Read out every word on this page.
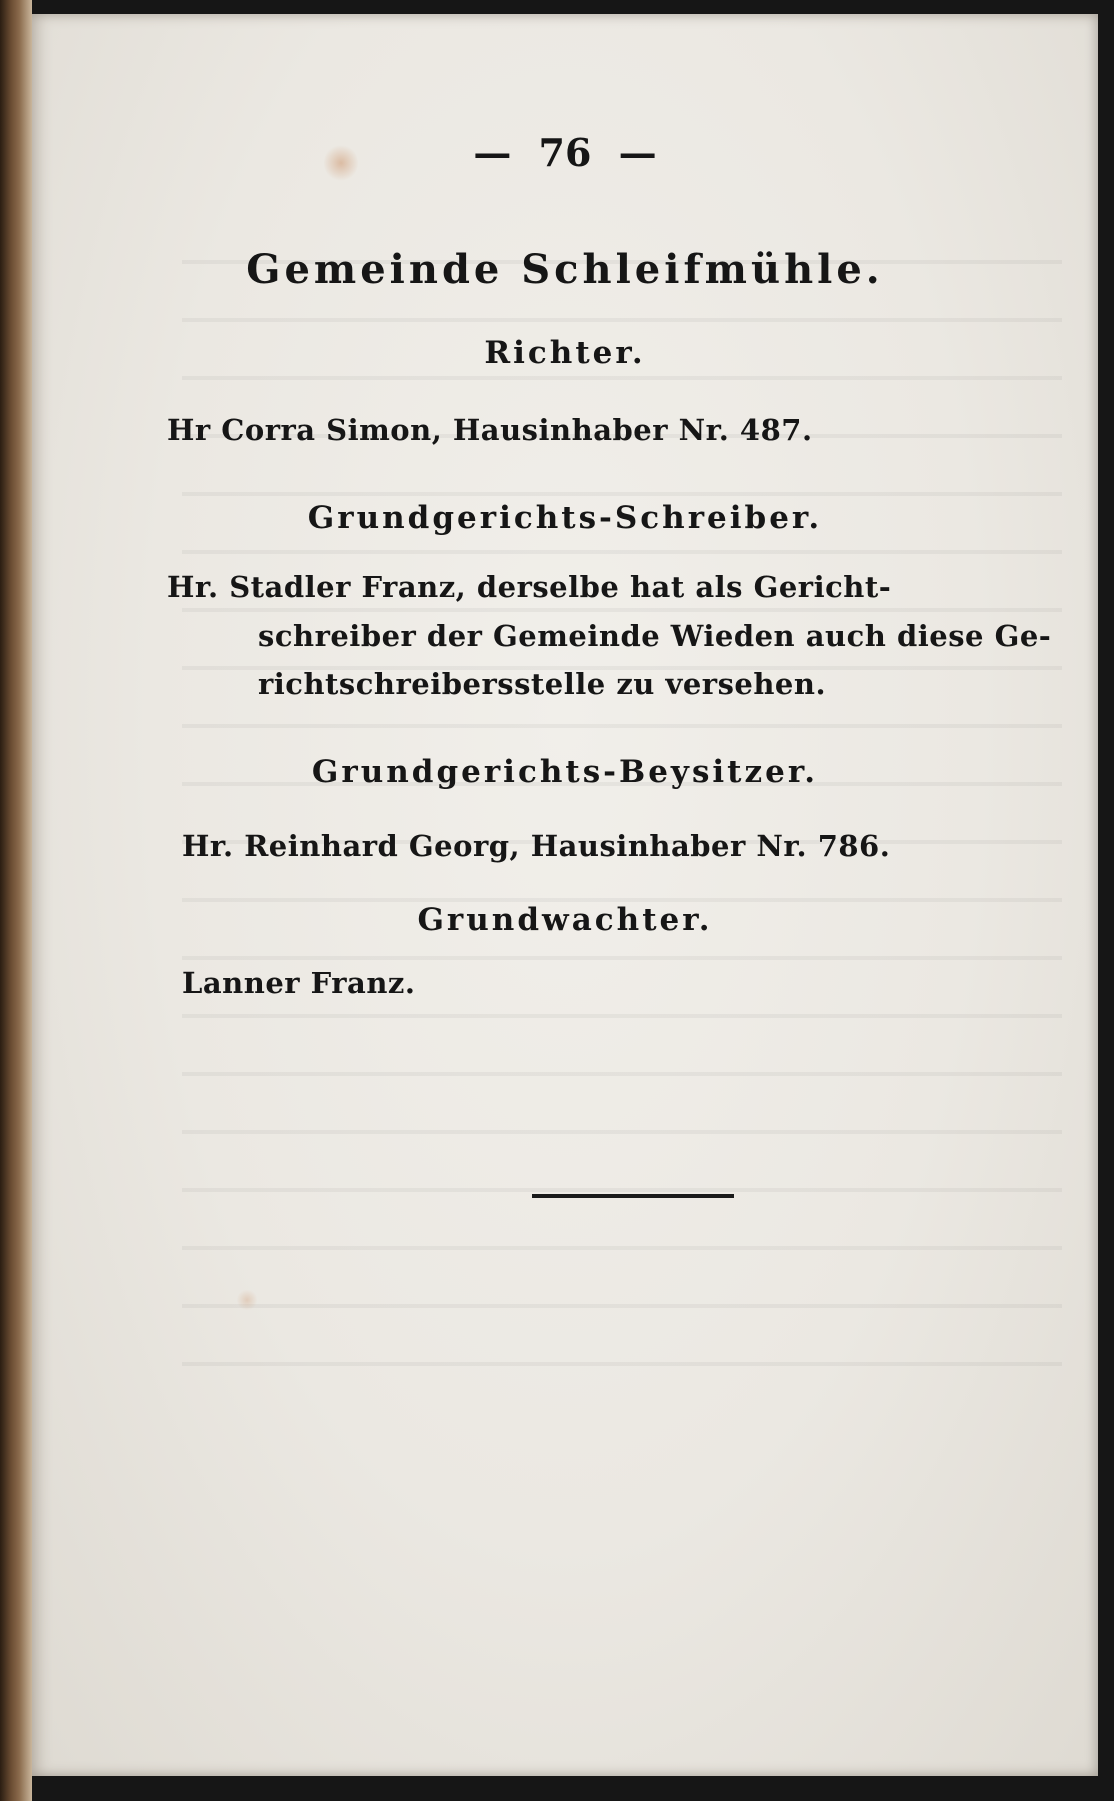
— 76 —

Gemeinde Schleifmühle.
Richter.

Hr Corra Simon, Hausinhaber Nr. 487.

Grundgerichts-Schreiber.

Hr. Stadler Franz, derselbe hat als Gericht-

schreiber der Gemeinde Wieden auch diese Ge-

richtschreibersstelle zu versehen.

Grundgerichts-Beysitzer.

Hr. Reinhard Georg, Hausinhaber Nr. 786.

Grundwachter.

Lanner Franz.
